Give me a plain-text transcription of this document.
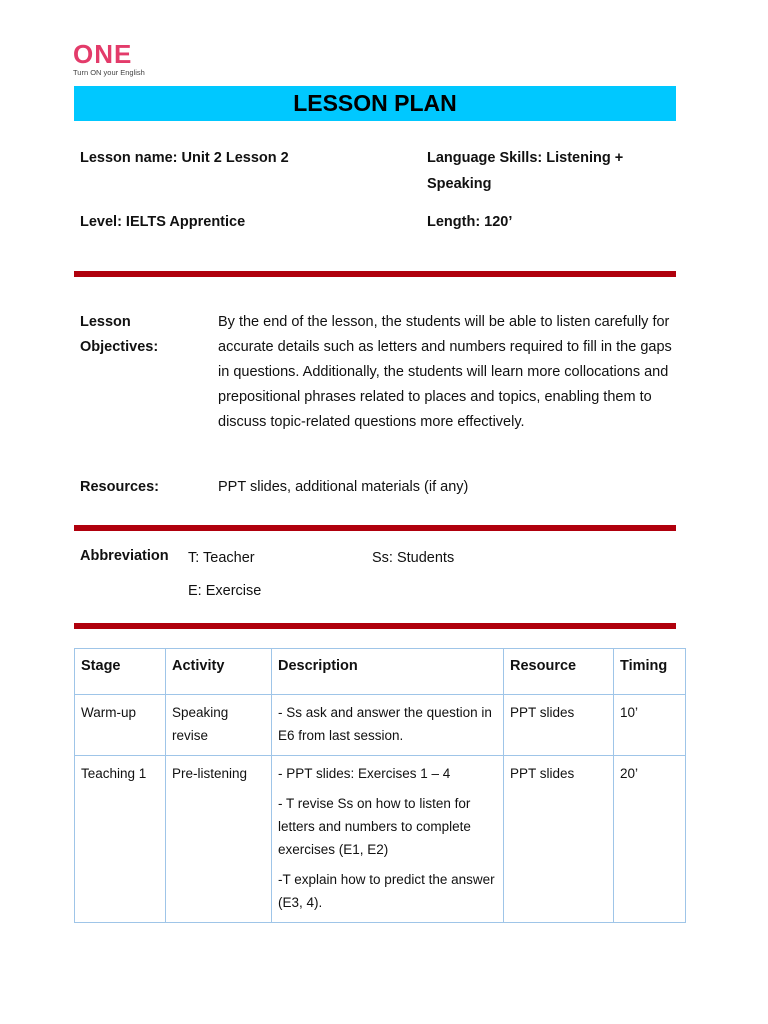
ONE
Turn ON your English
LESSON PLAN
Lesson name: Unit 2 Lesson 2	Language Skills: Listening + Speaking
Level: IELTS Apprentice	Length: 120’
Lesson Objectives:
By the end of the lesson, the students will be able to listen carefully for accurate details such as letters and numbers required to fill in the gaps in questions. Additionally, the students will learn more collocations and prepositional phrases related to places and topics, enabling them to discuss topic-related questions more effectively.
Resources:	PPT slides, additional materials (if any)
Abbreviation T: Teacher	Ss: Students
E: Exercise
Stage	Activity	Description	Resource	Timing
Warm-up	Speaking revise	- Ss ask and answer the question in E6 from last session.	PPT slides	10’
Teaching 1	Pre-listening	- PPT slides: Exercises 1 – 4

- T revise Ss on how to listen for letters and numbers to complete exercises (E1, E2)

-T explain how to predict the answer (E3, 4).	PPT slides	20’
